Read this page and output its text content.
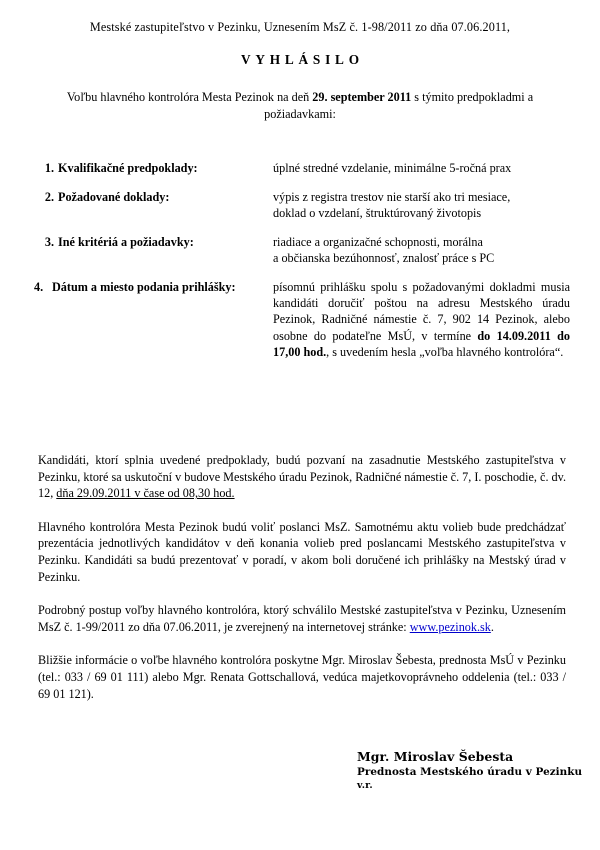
Mestské zastupiteľstvo v Pezinku, Uznesením MsZ č. 1-98/2011 zo dňa 07.06.2011,
VYHLÁSILO
Voľbu hlavného kontrolóra Mesta Pezinok na deň 29. september 2011 s týmito predpokladmi a požiadavkami:
1. Kvalifikačné predpoklady:	úplné stredné vzdelanie, minimálne 5-ročná prax
2. Požadované doklady:	výpis z registra trestov nie starší ako tri mesiace,
doklad o vzdelaní, štruktúrovaný životopis
3. Iné kritériá a požiadavky:	riadiace a organizačné schopnosti, morálna
a občianska bezúhonnosť, znalosť práce s PC
4. Dátum a miesto podania prihlášky:	písomnú prihlášku spolu s požadovanými dokladmi musia kandidáti doručiť poštou na adresu Mestského úradu Pezinok, Radničné námestie č. 7, 902 14 Pezinok, alebo osobne do podateľne MsÚ, v termíne do 14.09.2011 do 17,00 hod., s uvedením hesla „voľba hlavného kontrolóra“.

Kandidáti, ktorí splnia uvedené predpoklady, budú pozvaní na zasadnutie Mestského zastupiteľstva v Pezinku, ktoré sa uskutoční v budove Mestského úradu Pezinok, Radničné námestie č. 7, I. poschodie, č. dv. 12, dňa 29.09.2011 v čase od 08,30 hod.

Hlavného kontrolóra Mesta Pezinok budú voliť poslanci MsZ. Samotnému aktu volieb bude predchádzať prezentácia jednotlivých kandidátov v deň konania volieb pred poslancami Mestského zastupiteľstva v Pezinku. Kandidáti sa budú prezentovať v poradí, v akom boli doručené ich prihlášky na Mestský úrad v Pezinku.

Podrobný postup voľby hlavného kontrolóra, ktorý schválilo Mestské zastupiteľstva v Pezinku, Uznesením MsZ č. 1-99/2011 zo dňa 07.06.2011, je zverejnený na internetovej stránke: www.pezinok.sk.

Bližšie informácie o voľbe hlavného kontrolóra poskytne Mgr. Miroslav Šebesta, prednosta MsÚ v Pezinku (tel.: 033 / 69 01 111) alebo Mgr. Renata Gottschallová, vedúca majetkovoprávneho oddelenia (tel.: 033 / 69 01 121).

Mgr. Miroslav Šebesta
Prednosta Mestského úradu v Pezinku
v.r.
